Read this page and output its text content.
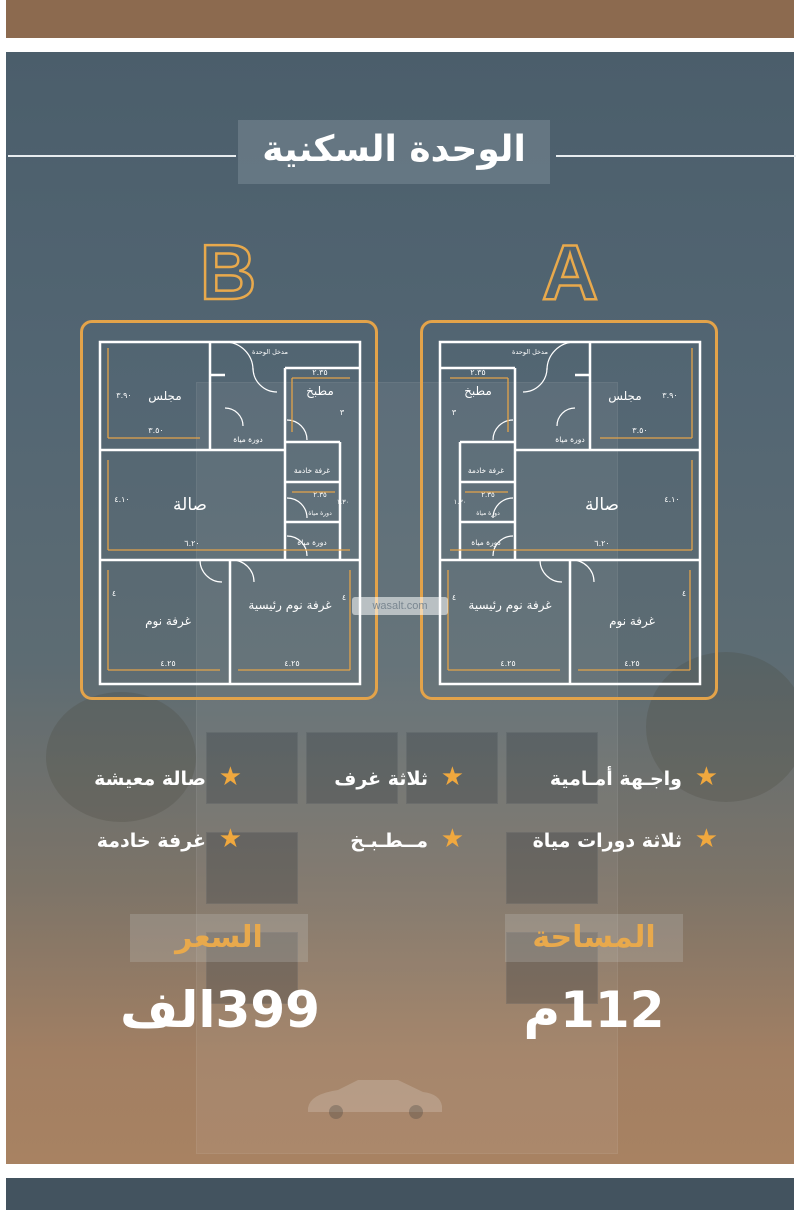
الوحدة السكنية
B	A
مجلس
٣.٩٠
٣.٥٠
دورة مياة
مدخل الوحدة
مطبخ
٢.٣٥
٣
غرفة خادمة
٢.٣٥
١.٣٠
دورة مياة
دورة مياة
صالة
٤.١٠
٦.٢٠
غرفة نوم
٤
٤.٢٥
غرفة نوم رئيسية
٤
٤.٢٥
مجلس	٣.٩٠
٣.٥٠
دورة مياة
مدخل الوحدة
مطبخ
٢.٣٥
٣
غرفة خادمة
٢.٣٥
١.٣٠
دورة مياة
دورة مياة
صالة	٤.١٠
٦.٢٠
غرفة نوم رئيسية
٤
٤.٢٥
غرفة نوم
٤
٤.٢٥
wasalt.com
★
واجـهة أمـامية
★
ثلاثة غرف
★
صالة معيشة
★
ثلاثة دورات مياة
★
مــطـبـخ
★
غرفة خادمة
المساحة
السعر
112م
399الف
